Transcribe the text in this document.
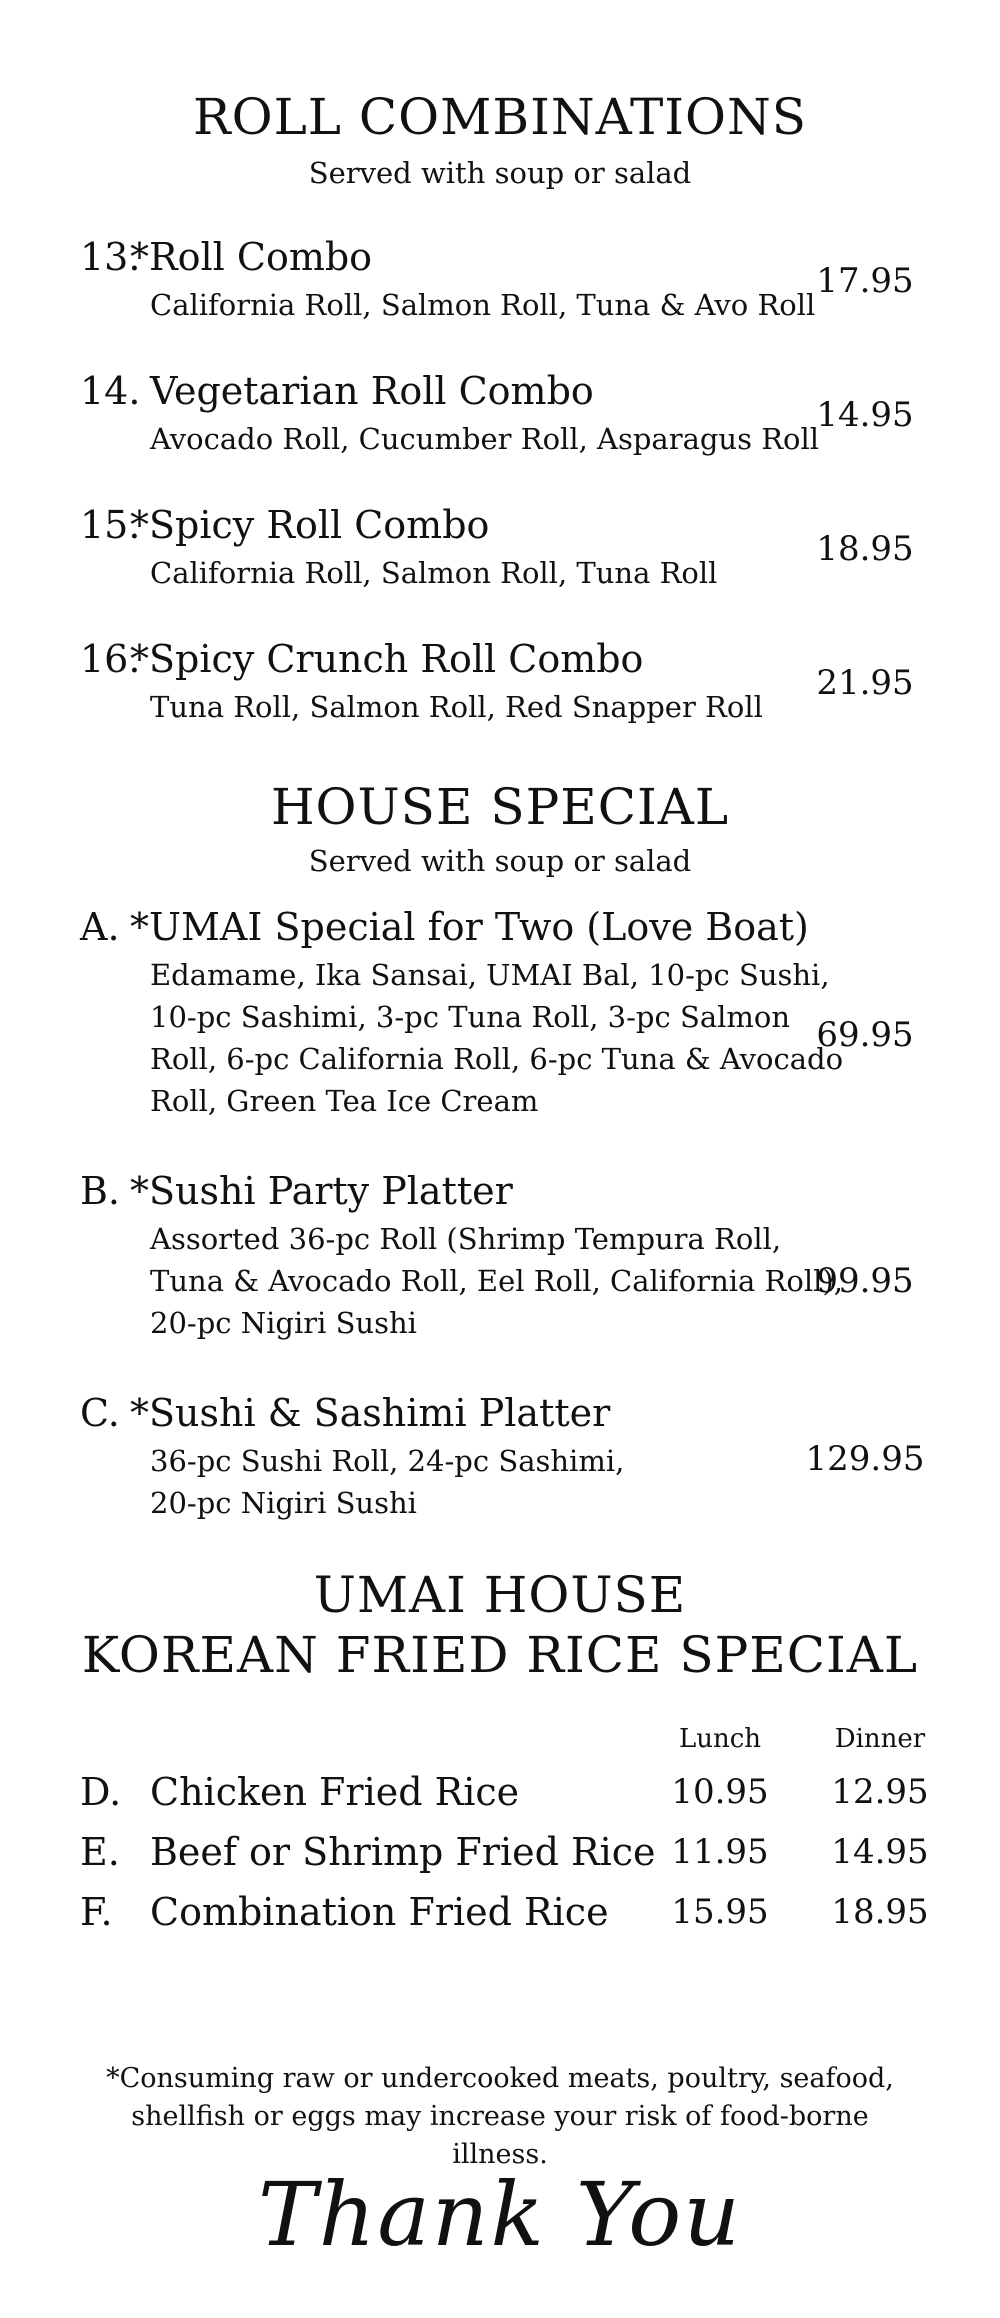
ROLL COMBINATIONS
Served with soup or salad
13.
*Roll Combo
California Roll, Salmon Roll, Tuna & Avo Roll
17.95
14. Vegetarian Roll Combo
Avocado Roll, Cucumber Roll, Asparagus Roll
14.95
15.
*Spicy Roll Combo
California Roll, Salmon Roll, Tuna Roll
18.95
16.
*Spicy Crunch Roll Combo
Tuna Roll, Salmon Roll, Red Snapper Roll
21.95
HOUSE SPECIAL
Served with soup or salad
A. *UMAI Special for Two (Love Boat)
Edamame, Ika Sansai, UMAI Bal, 10-pc Sushi,
10-pc Sashimi, 3-pc Tuna Roll, 3-pc Salmon
Roll, 6-pc California Roll, 6-pc Tuna & Avocado
Roll, Green Tea Ice Cream
69.95
B. *Sushi Party Platter
Assorted 36-pc Roll (Shrimp Tempura Roll,
Tuna & Avocado Roll, Eel Roll, California Roll),
20-pc Nigiri Sushi
99.95
C. *Sushi & Sashimi Platter
36-pc Sushi Roll, 24-pc Sashimi,
20-pc Nigiri Sushi
129.95
UMAI HOUSE
KOREAN FRIED RICE SPECIAL
Lunch	Dinner
D. Chicken Fried Rice	10.95	12.95
E. Beef or Shrimp Fried Rice 11.95	14.95
F. Combination Fried Rice	15.95	18.95
*Consuming raw or undercooked meats, poultry, seafood,
shellfish or eggs may increase your risk of food-borne illness.
Thank You
